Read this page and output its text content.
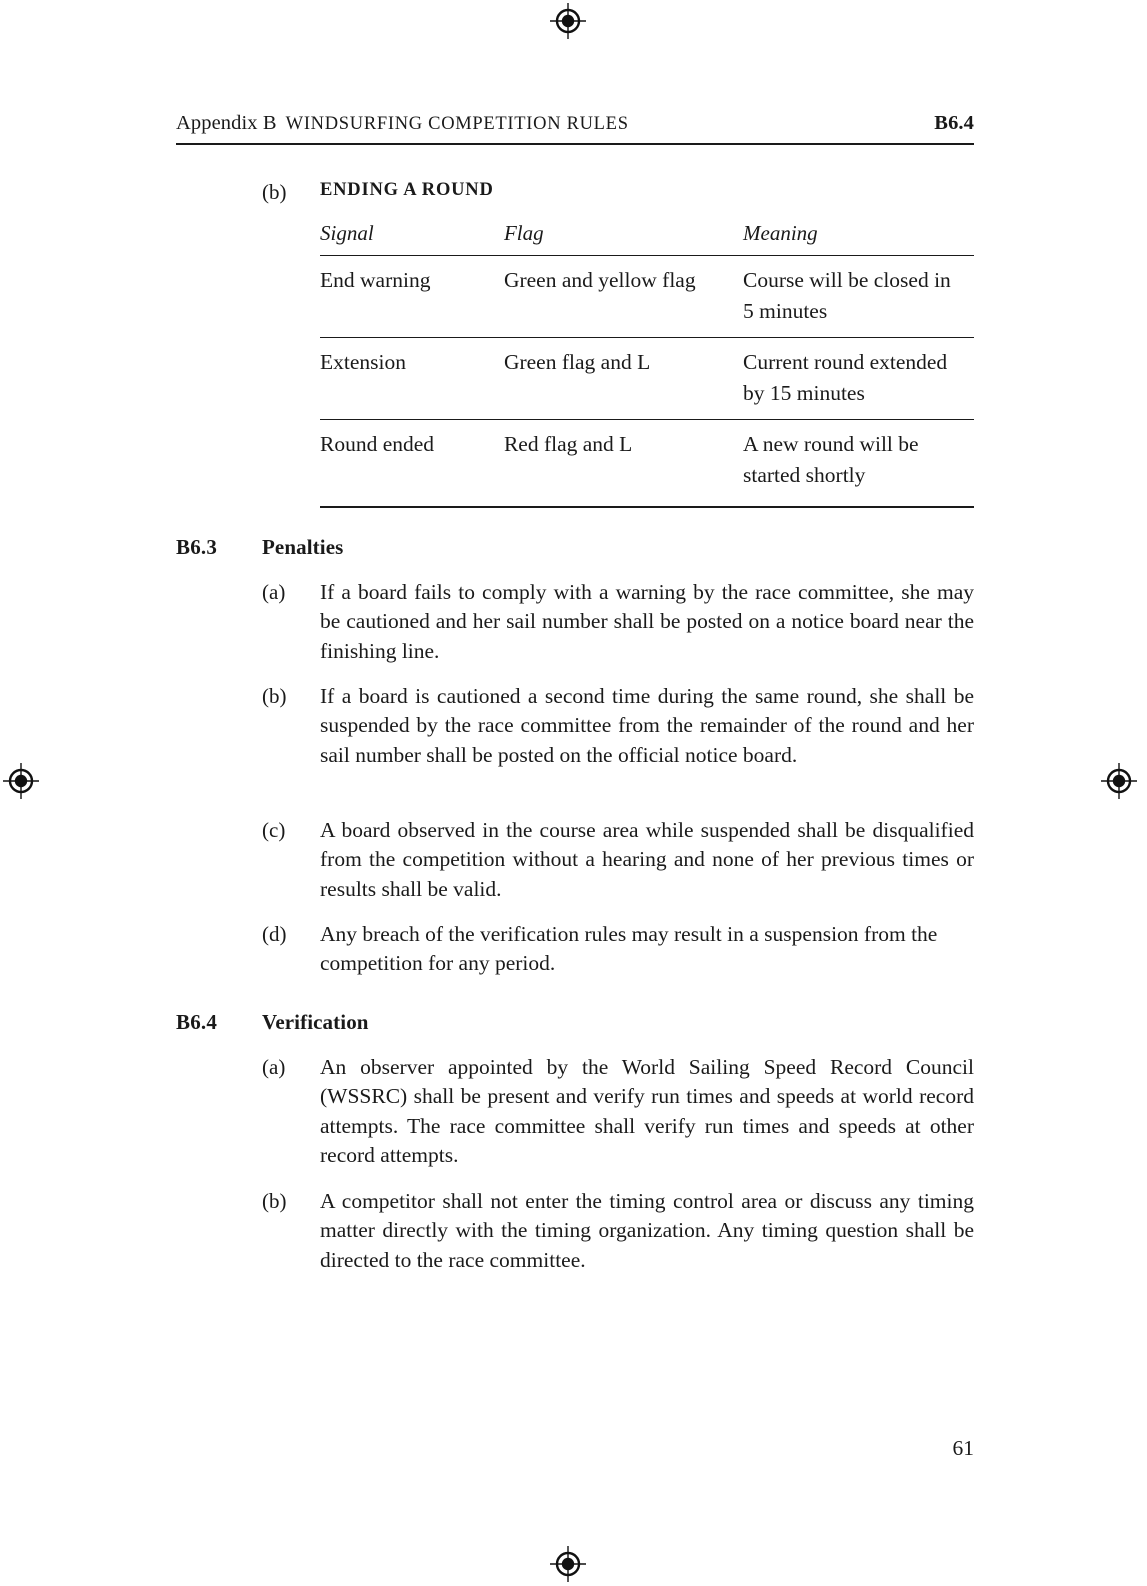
Appendix B WINDSURFING COMPETITION RULES	B6.4
(b)	ENDING A ROUND
Signal	Flag	Meaning
End warning	Green and yellow flag	Course will be closed in 5 minutes
Extension	Green flag and L	Current round extended by 15 minutes
Round ended	Red flag and L	A new round will be started shortly
B6.3	Penalties
(a)	If a board fails to comply with a warning by the race committee, she may be cautioned and her sail number shall be posted on a notice board near the finishing line.
(b)	If a board is cautioned a second time during the same round, she shall be suspended by the race committee from the remainder of the round and her sail number shall be posted on the official notice board.
(c)	A board observed in the course area while suspended shall be disqualified from the competition without a hearing and none of her previous times or results shall be valid.
(d)	Any breach of the verification rules may result in a suspension from the competition for any period.
B6.4	Verification
(a)	An observer appointed by the World Sailing Speed Record Council (WSSRC) shall be present and verify run times and speeds at world record attempts. The race committee shall verify run times and speeds at other record attempts.
(b)	A competitor shall not enter the timing control area or discuss any timing matter directly with the timing organization. Any timing question shall be directed to the race committee.
61
